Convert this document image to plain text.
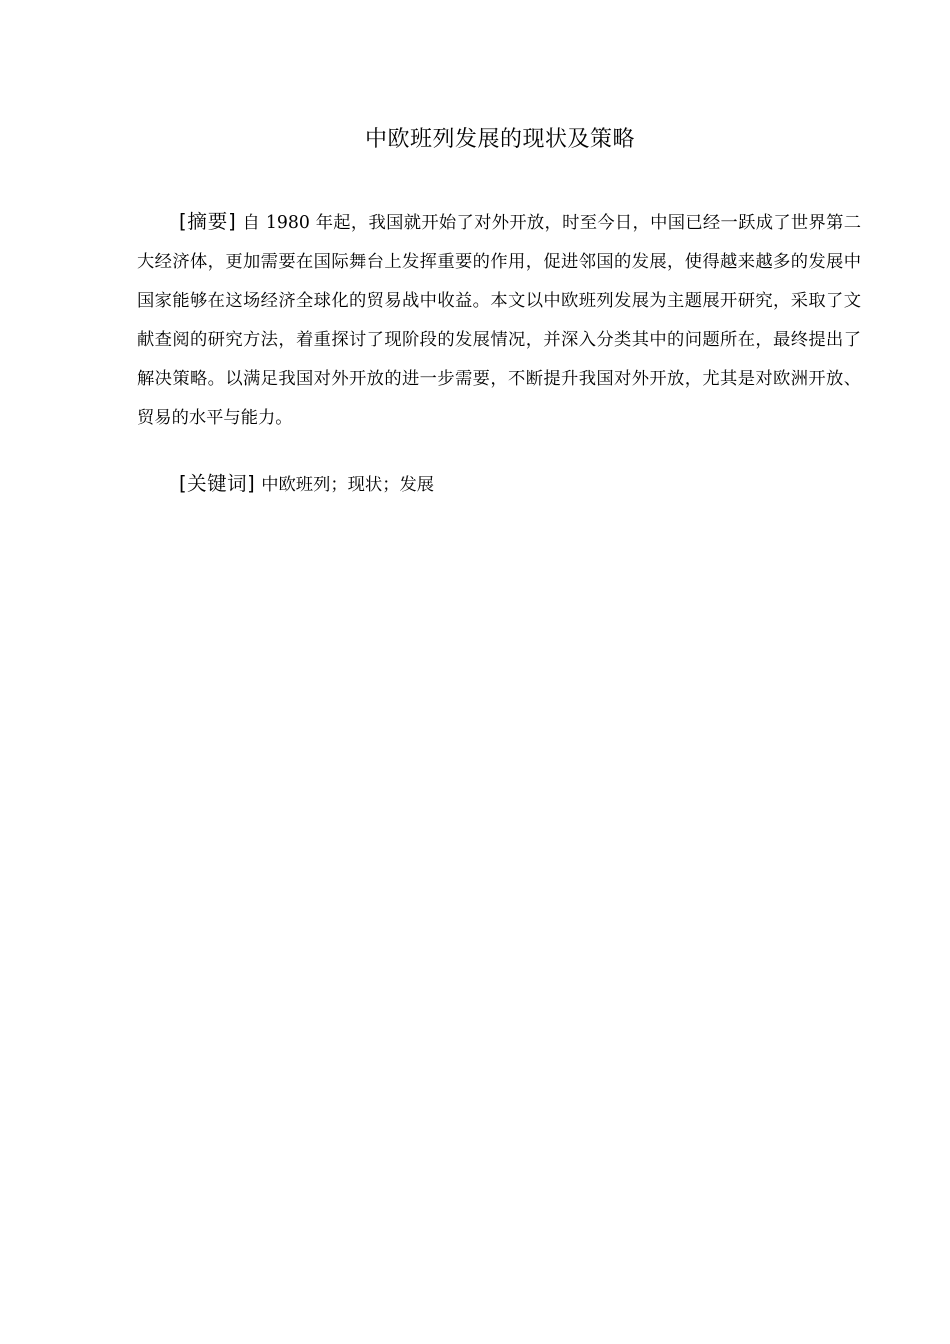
中欧班列发展的现状及策略

[摘要] 自 1980 年起，我国就开始了对外开放，时至今日，中国已经一跃成了世界第二大经济体，更加需要在国际舞台上发挥重要的作用，促进邻国的发展，使得越来越多的发展中国家能够在这场经济全球化的贸易战中收益。本文以中欧班列发展为主题展开研究，采取了文献查阅的研究方法，着重探讨了现阶段的发展情况，并深入分类其中的问题所在，最终提出了解决策略。以满足我国对外开放的进一步需要，不断提升我国对外开放，尤其是对欧洲开放、贸易的水平与能力。

[关键词] 中欧班列；现状；发展
